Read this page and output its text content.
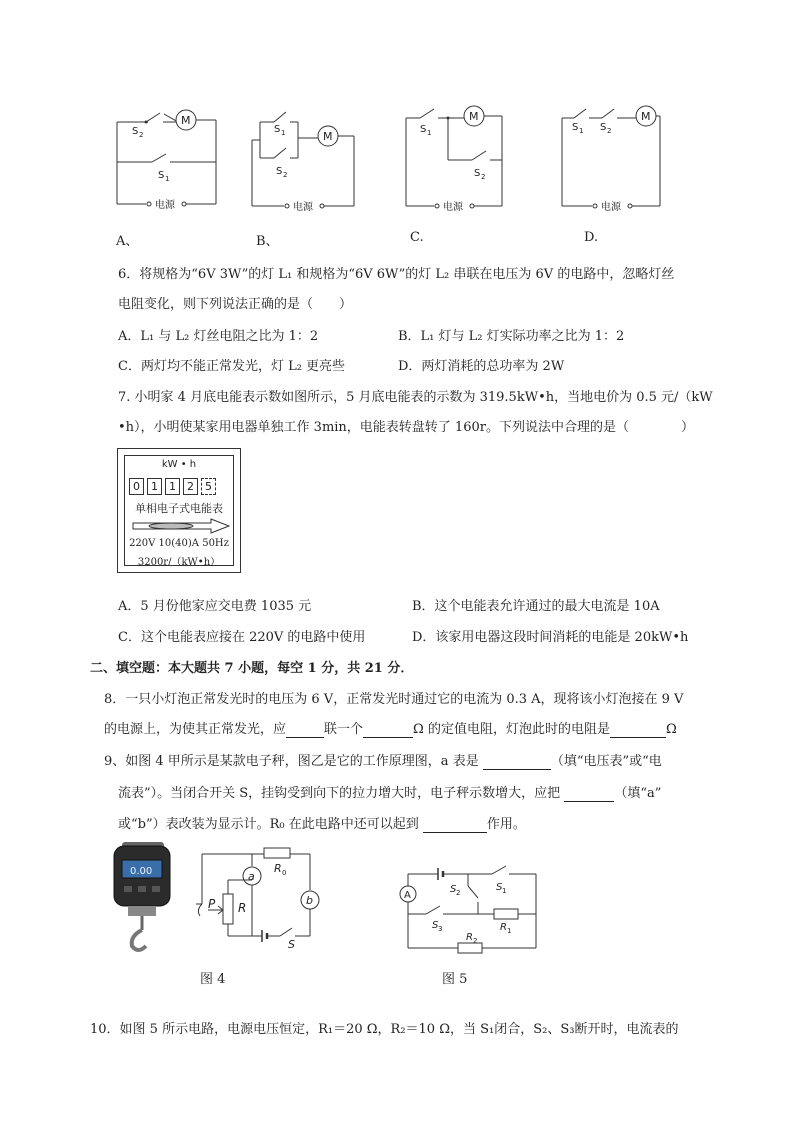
M
S 2
S 1
电源
A、
S 1
S 2
M
电源
B、
S 1
M
S 2
电源
C.
S 1 S 2
M
电源
D.
6．将规格为“6V 3W”的灯 L₁ 和规格为“6V 6W”的灯 L₂ 串联在电压为 6V 的电路中，忽略灯丝
电阻变化，则下列说法正确的是（　　）
A．L₁ 与 L₂ 灯丝电阻之比为 1：2	B．L₁ 灯与 L₂ 灯实际功率之比为 1：2
C．两灯均不能正常发光，灯 L₂ 更亮些	D．两灯消耗的总功率为 2W
7. 小明家 4 月底电能表示数如图所示，5 月底电能表的示数为 319.5kW•h，当地电价为 0.5 元/（kW
•h），小明使某家用电器单独工作 3min，电能表转盘转了 160r。下列说法中合理的是（　　　　）
kW • h
0 1 1 2 5
单相电子式电能表
220V 10(40)A 50Hz
3200r/（kW•h）
A．5 月份他家应交电费 1035 元	B．这个电能表允许通过的最大电流是 10A
C．这个电能表应接在 220V 的电路中使用	D．该家用电器这段时间消耗的电能是 20kW•h
二、填空题：本大题共 7 小题，每空 1 分，共 21 分．
8．一只小灯泡正常发光时的电压为 6 V，正常发光时通过它的电流为 0.3 A，现将该小灯泡接在 9 V
的电源上，为使其正常发光，应	联一个	Ω 的定值电阻，灯泡此时的电阻是	Ω
9、如图 4 甲所示是某款电子秤，图乙是它的工作原理图，a 表是	（填“电压表”或“电
流表”）。当闭合开关 S，挂钩受到向下的拉力增大时，电子秤示数增大，应把	（填“a”
或“b”）表改装为显示计。R₀ 在此电路中还可以起到	作用。
0.00	R 0
b
a
P R
S
图 4
S 1
A
S 2
S 3	R 1
R 2
图 5
10．如图 5 所示电路，电源电压恒定，R₁＝20 Ω，R₂＝10 Ω，当 S₁闭合，S₂、S₃断开时，电流表的
